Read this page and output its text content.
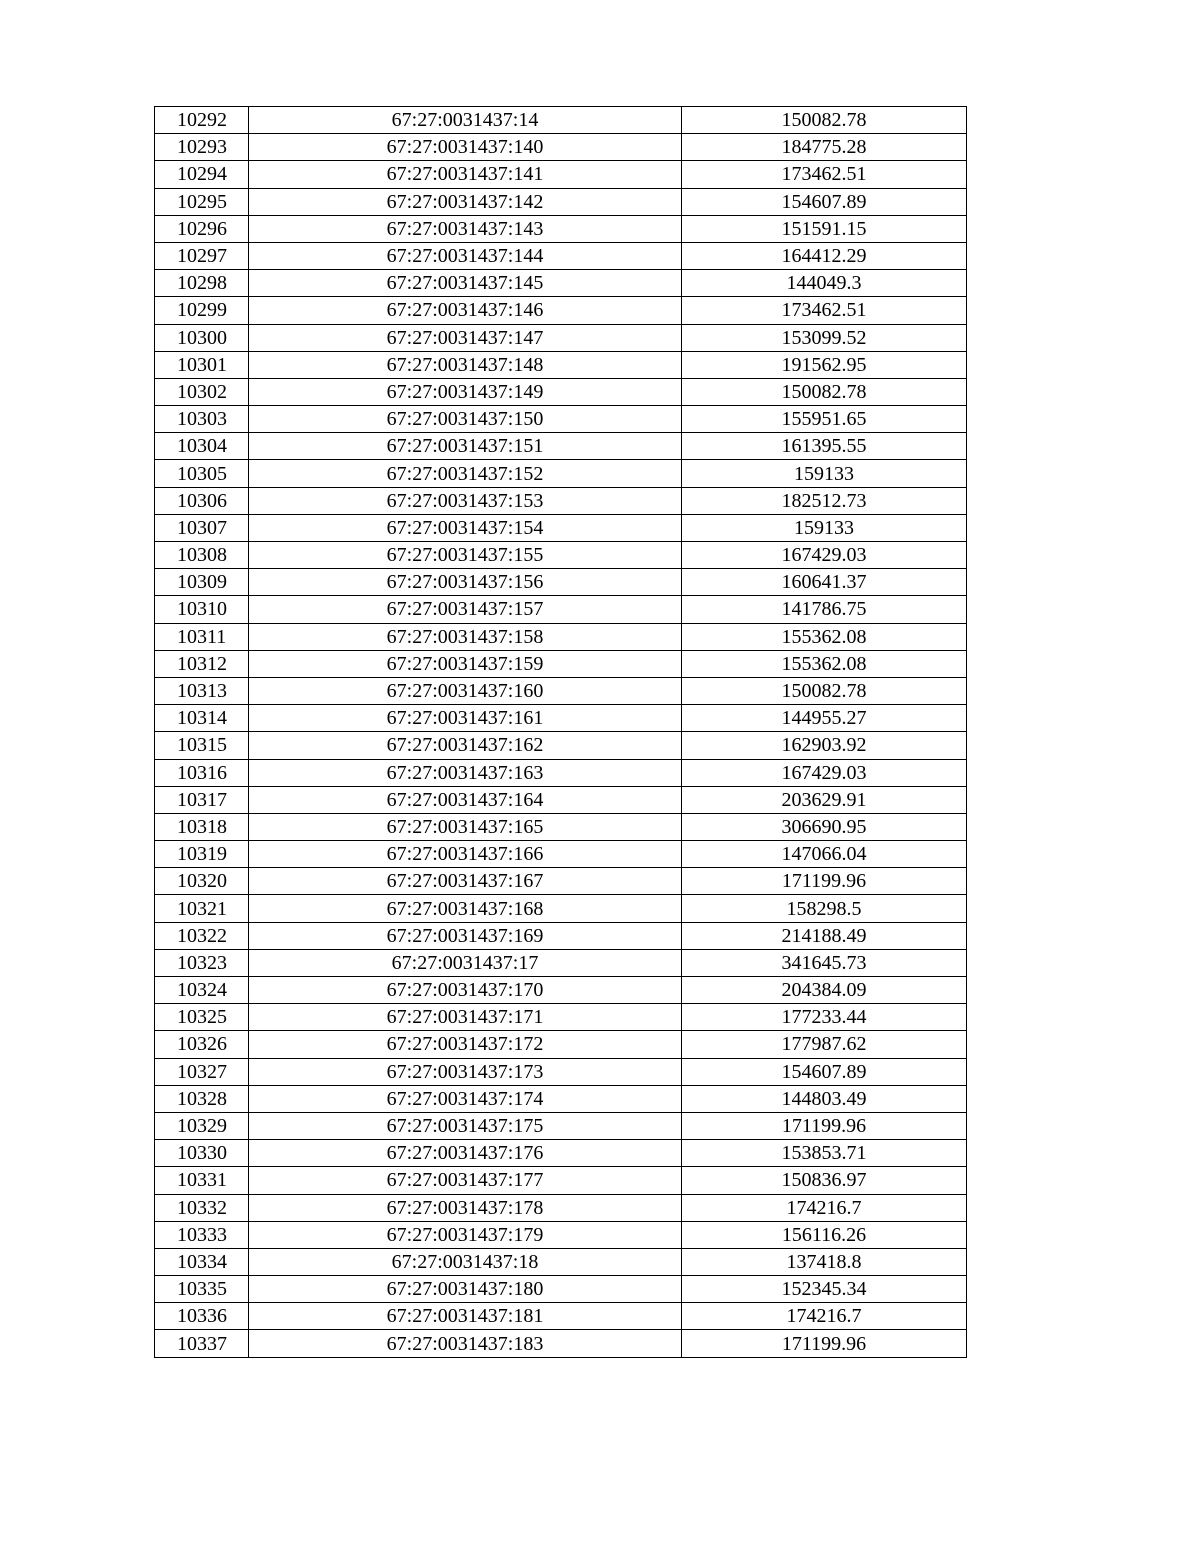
10292	67:27:0031437:14	150082.78
10293	67:27:0031437:140	184775.28
10294	67:27:0031437:141	173462.51
10295	67:27:0031437:142	154607.89
10296	67:27:0031437:143	151591.15
10297	67:27:0031437:144	164412.29
10298	67:27:0031437:145	144049.3
10299	67:27:0031437:146	173462.51
10300	67:27:0031437:147	153099.52
10301	67:27:0031437:148	191562.95
10302	67:27:0031437:149	150082.78
10303	67:27:0031437:150	155951.65
10304	67:27:0031437:151	161395.55
10305	67:27:0031437:152	159133
10306	67:27:0031437:153	182512.73
10307	67:27:0031437:154	159133
10308	67:27:0031437:155	167429.03
10309	67:27:0031437:156	160641.37
10310	67:27:0031437:157	141786.75
10311	67:27:0031437:158	155362.08
10312	67:27:0031437:159	155362.08
10313	67:27:0031437:160	150082.78
10314	67:27:0031437:161	144955.27
10315	67:27:0031437:162	162903.92
10316	67:27:0031437:163	167429.03
10317	67:27:0031437:164	203629.91
10318	67:27:0031437:165	306690.95
10319	67:27:0031437:166	147066.04
10320	67:27:0031437:167	171199.96
10321	67:27:0031437:168	158298.5
10322	67:27:0031437:169	214188.49
10323	67:27:0031437:17	341645.73
10324	67:27:0031437:170	204384.09
10325	67:27:0031437:171	177233.44
10326	67:27:0031437:172	177987.62
10327	67:27:0031437:173	154607.89
10328	67:27:0031437:174	144803.49
10329	67:27:0031437:175	171199.96
10330	67:27:0031437:176	153853.71
10331	67:27:0031437:177	150836.97
10332	67:27:0031437:178	174216.7
10333	67:27:0031437:179	156116.26
10334	67:27:0031437:18	137418.8
10335	67:27:0031437:180	152345.34
10336	67:27:0031437:181	174216.7
10337	67:27:0031437:183	171199.96
